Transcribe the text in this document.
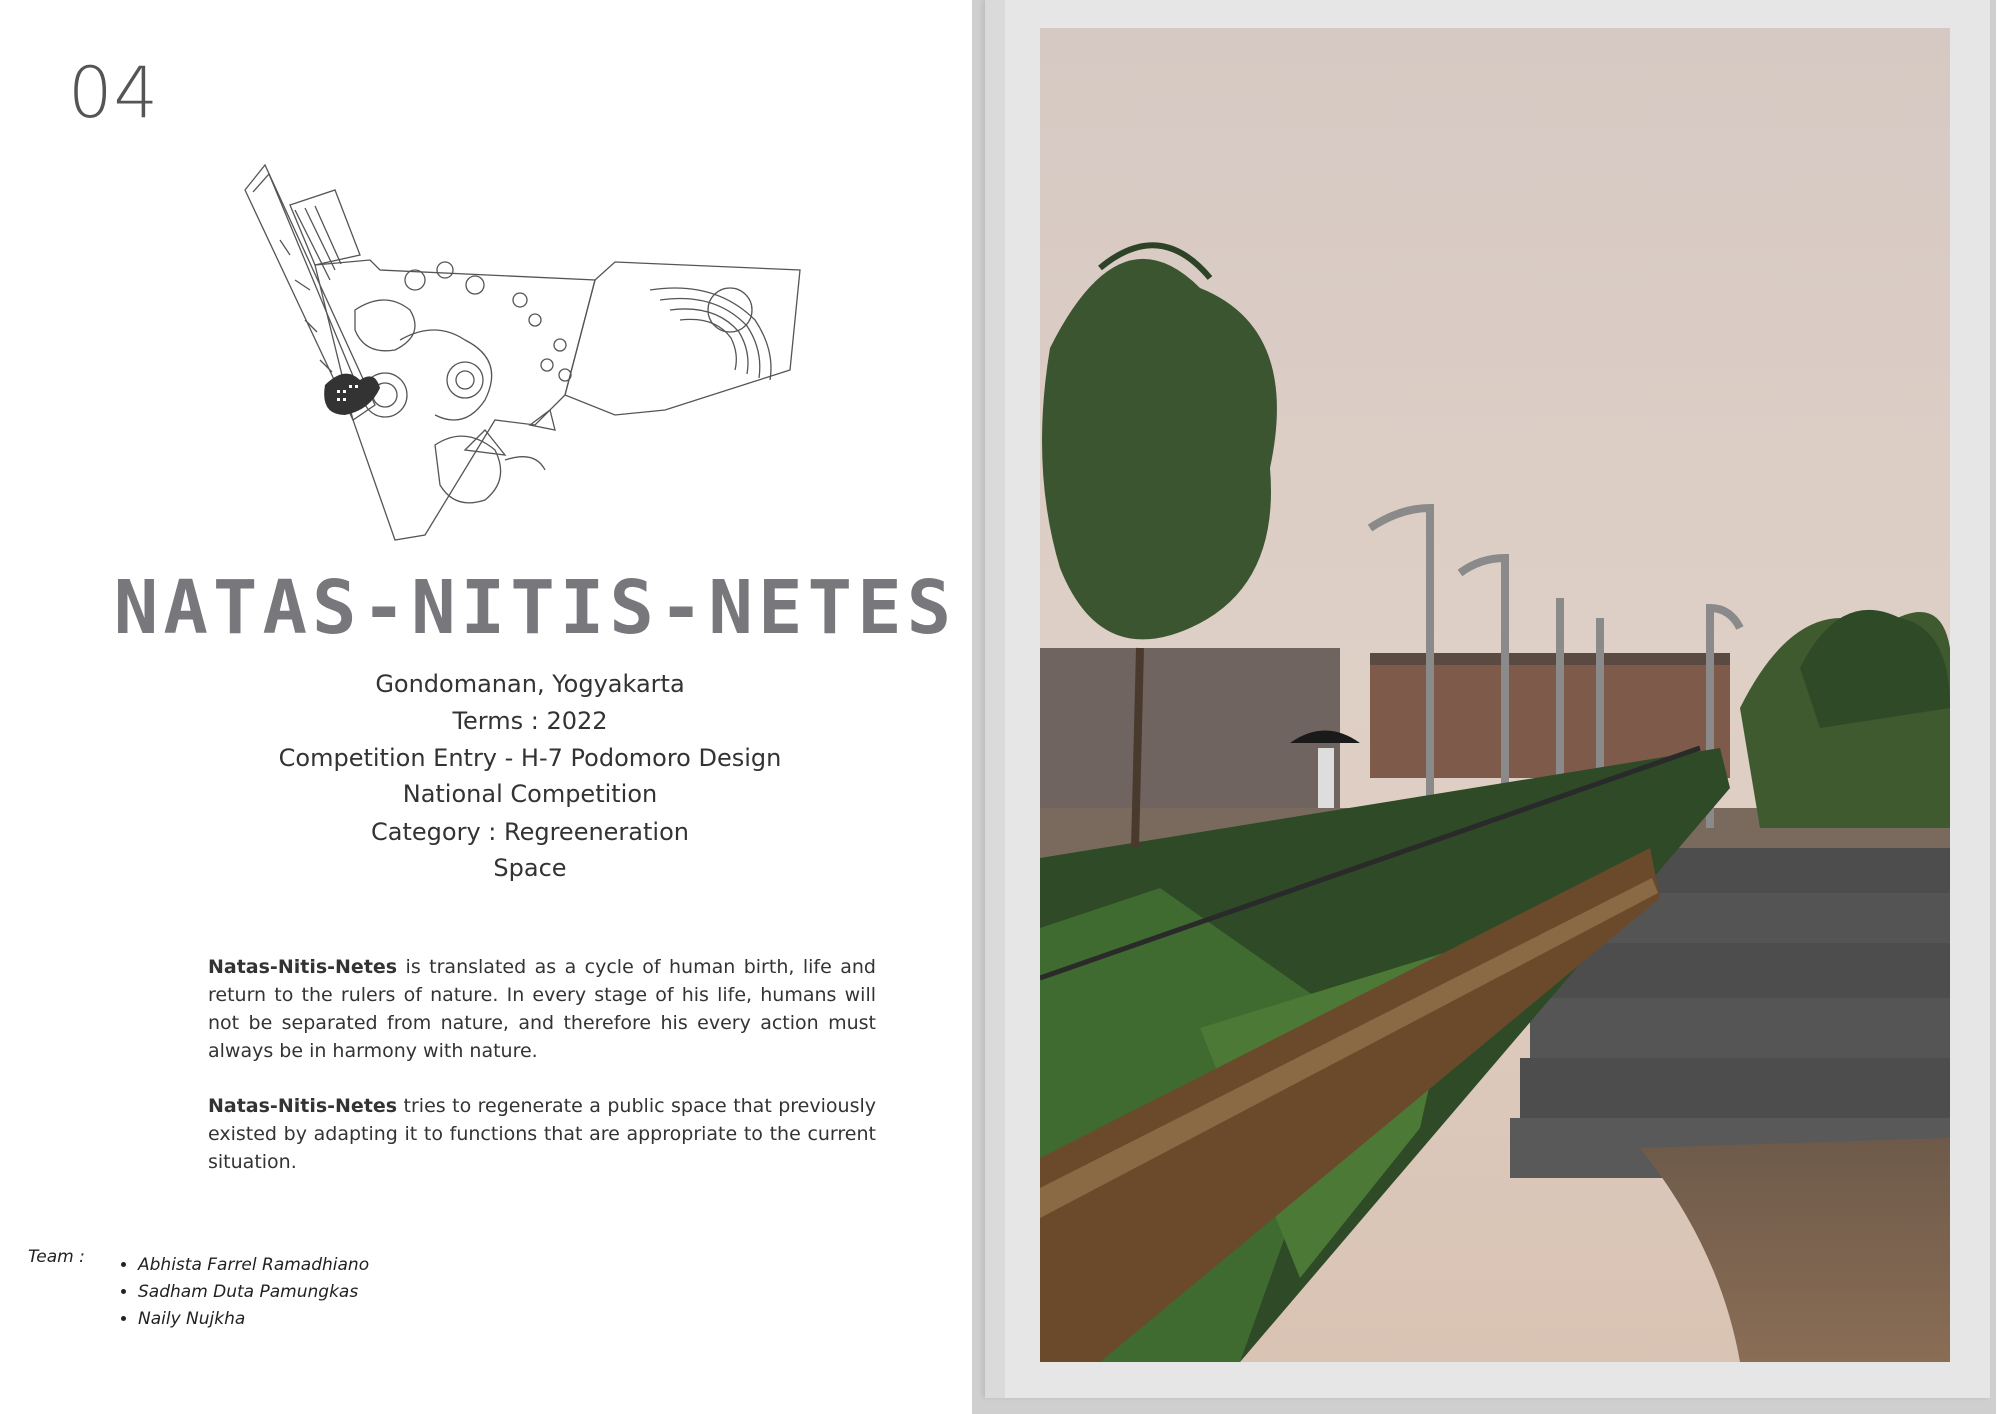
04
NATAS-NITIS-NETES
Gondomanan, Yogyakarta
Terms : 2022
Competition Entry - H-7 Podomoro Design
National Competition
Category : Regreeneration
Space
Natas-Nitis-Netes is translated as a cycle of human birth, life and return to the rulers of nature. In every stage of his life, humans will not be separated from nature, and therefore his every action must always be in harmony with nature.
Natas-Nitis-Netes tries to regenerate a public space that previously existed by adapting it to functions that are appropriate to the current situation.
Team :
•	Abhista Farrel Ramadhiano
• Sadham Duta Pamungkas
• Naily Nujkha
